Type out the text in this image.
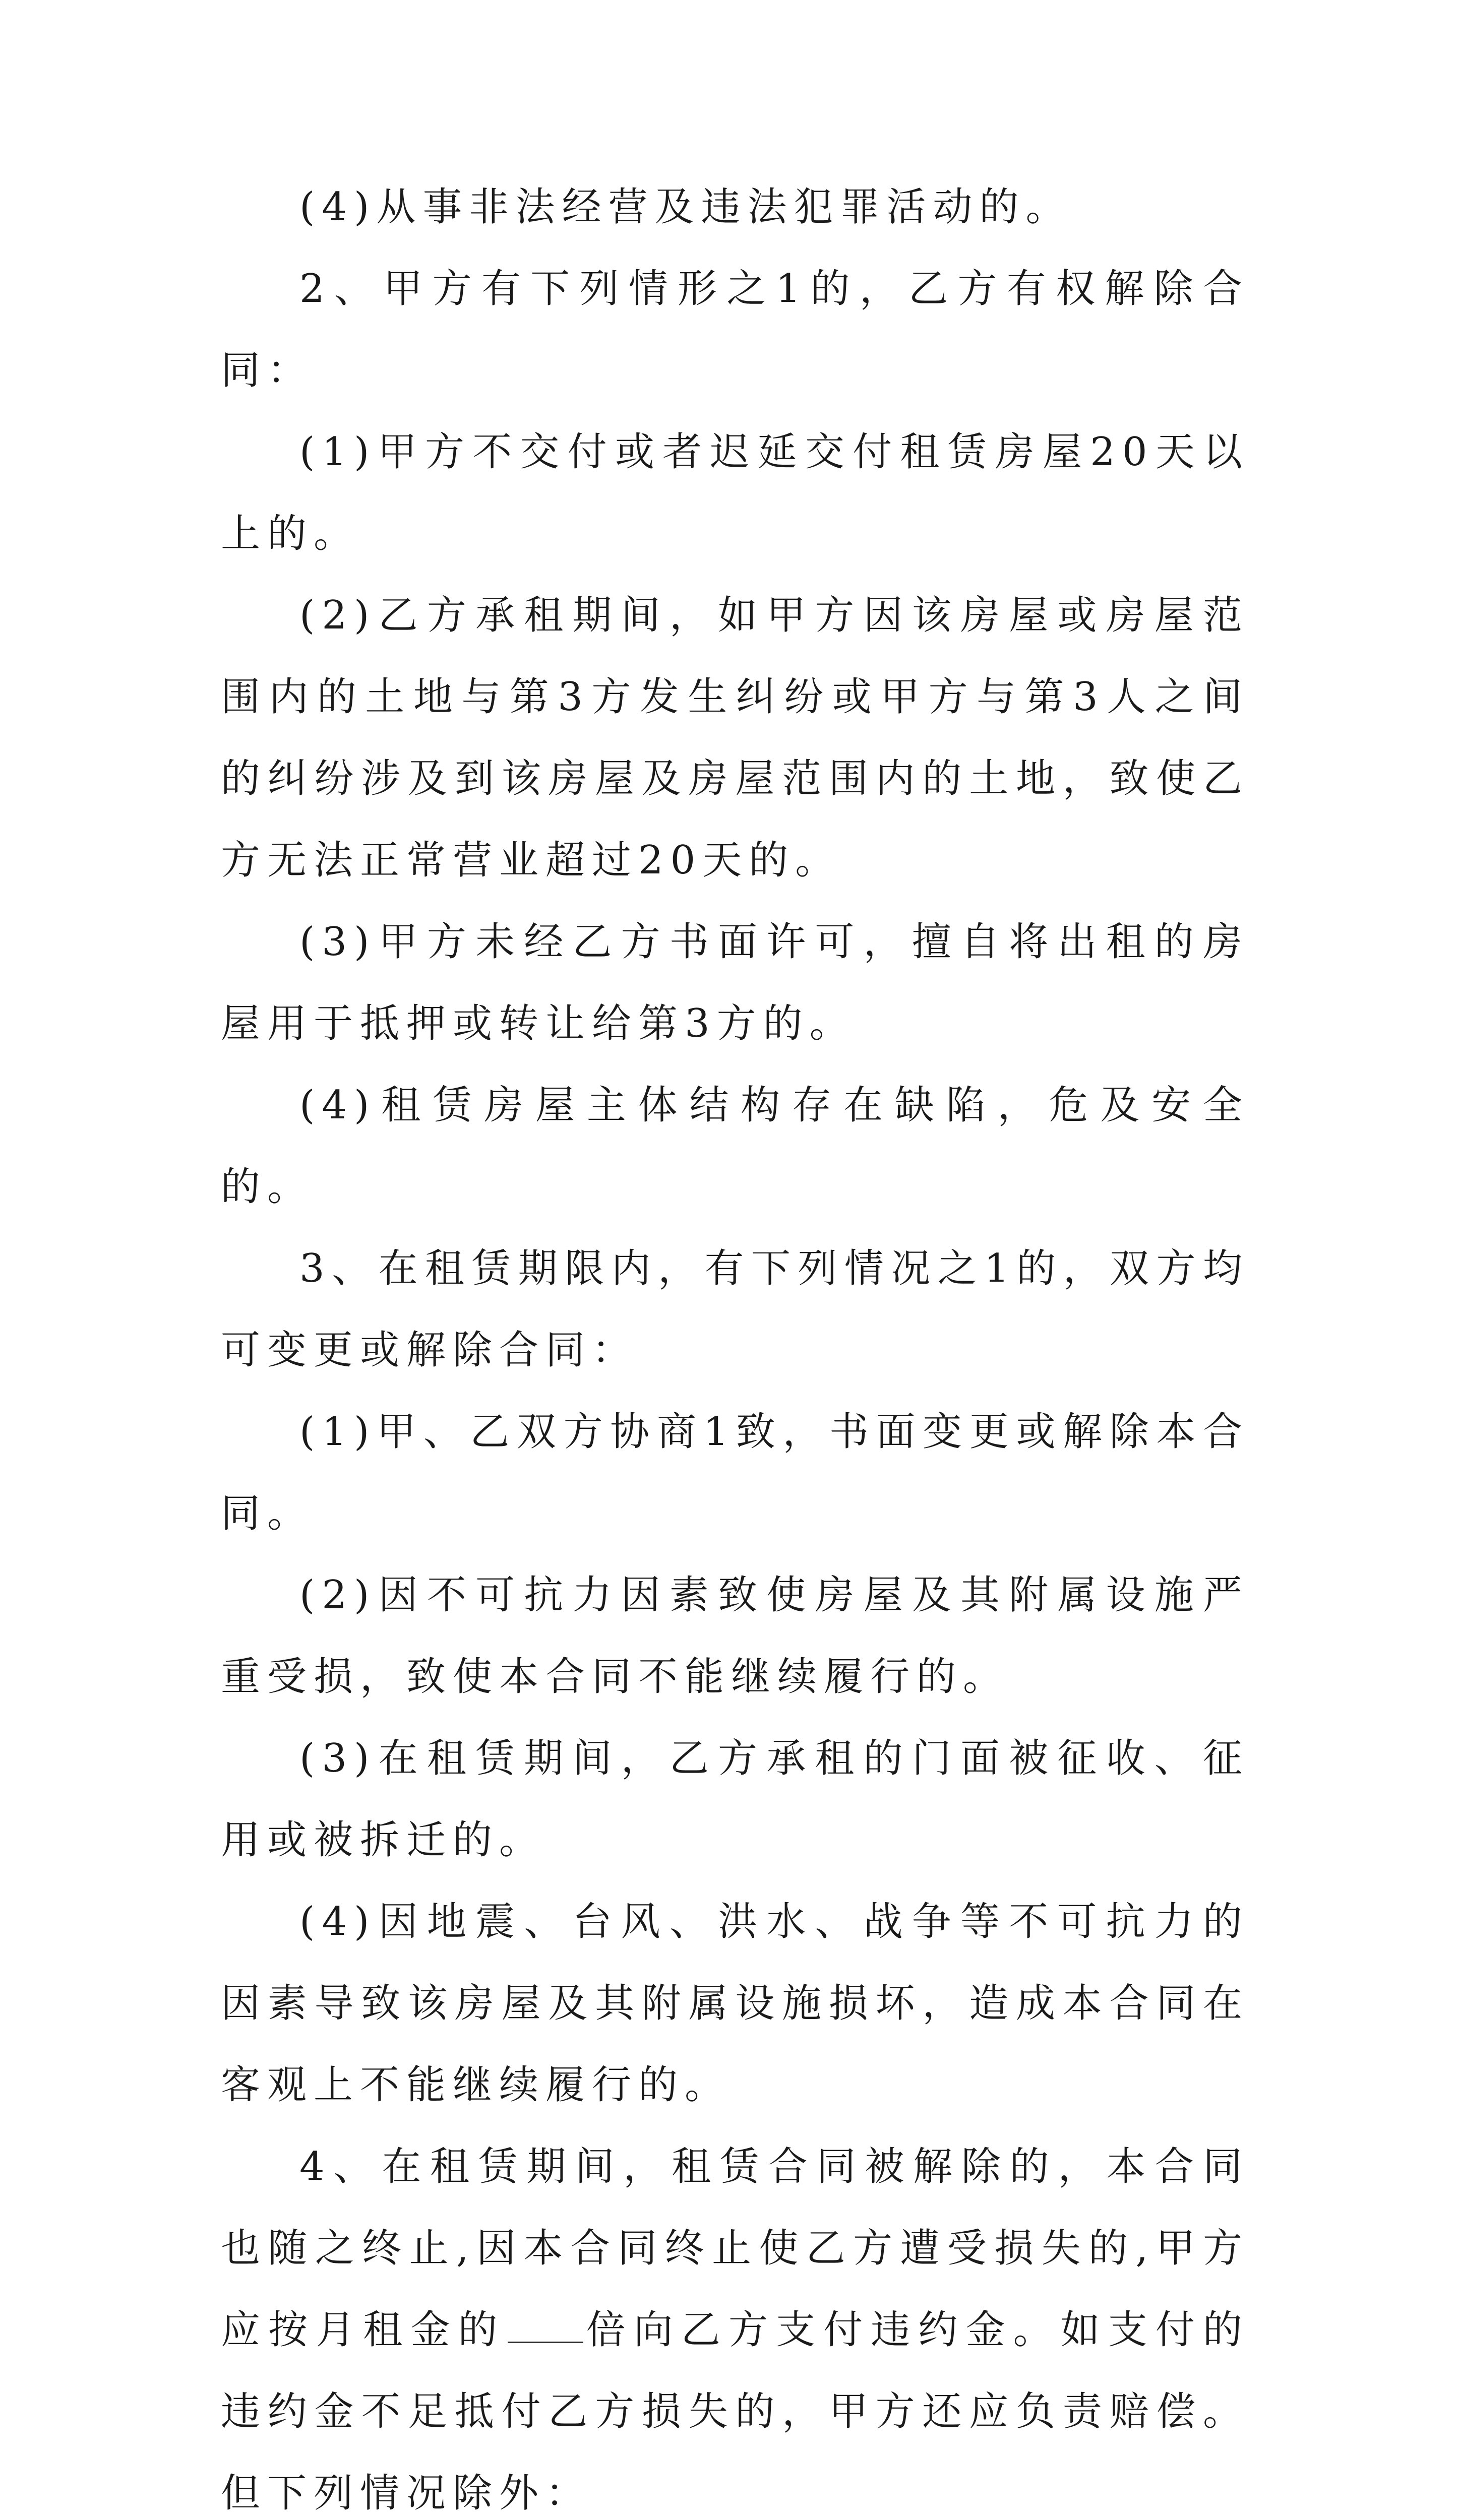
(4)从事非法经营及违法犯罪活动的。

2、甲方有下列情形之1的，乙方有权解除合同：

(1)甲方不交付或者迟延交付租赁房屋20天以上的。

(2)乙方承租期间，如甲方因该房屋或房屋范围内的土地与第3方发生纠纷或甲方与第3人之间的纠纷涉及到该房屋及房屋范围内的土地，致使乙方无法正常营业超过20天的。

(3)甲方未经乙方书面许可，擅自将出租的房屋用于抵押或转让给第3方的。

(4)租赁房屋主体结构存在缺陷，危及安全的。

3、在租赁期限内，有下列情况之1的，双方均可变更或解除合同：

(1)甲、乙双方协商1致，书面变更或解除本合同。

(2)因不可抗力因素致使房屋及其附属设施严重受损，致使本合同不能继续履行的。

(3)在租赁期间，乙方承租的门面被征收、征用或被拆迁的。

(4)因地震、台风、洪水、战争等不可抗力的因素导致该房屋及其附属设施损坏，造成本合同在客观上不能继续履行的。

4、在租赁期间，租赁合同被解除的，本合同也随之终止,因本合同终止使乙方遭受损失的,甲方应按月租金的 倍向乙方支付违约金。如支付的违约金不足抵付乙方损失的，甲方还应负责赔偿。但下列情况除外：
